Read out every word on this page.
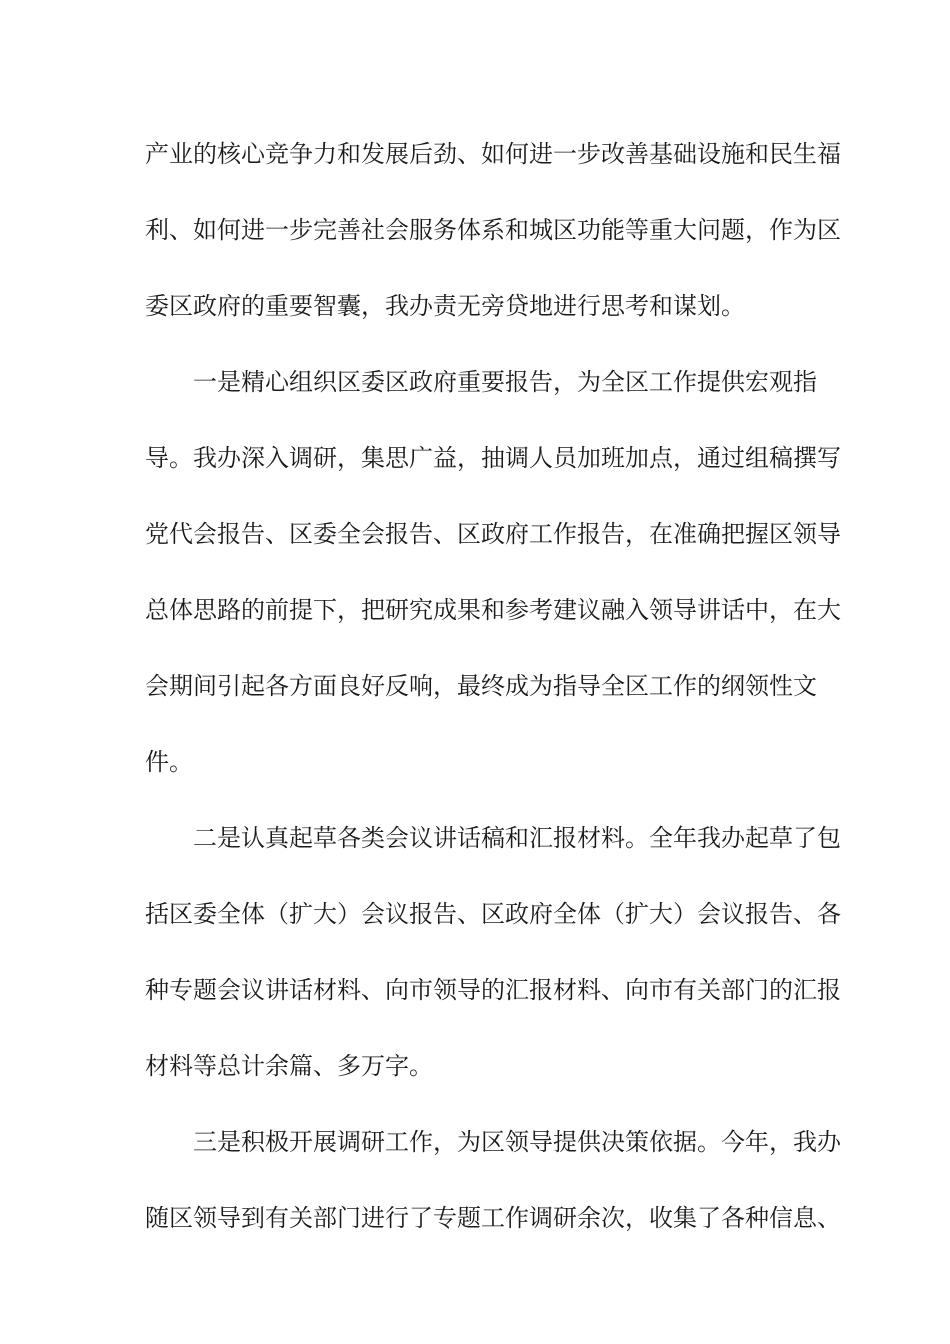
产业的核心竞争力和发展后劲、如何进一步改善基础设施和民生福
利、如何进一步完善社会服务体系和城区功能等重大问题，作为区
委区政府的重要智囊，我办责无旁贷地进行思考和谋划。
一是精心组织区委区政府重要报告，为全区工作提供宏观指
导。我办深入调研，集思广益，抽调人员加班加点，通过组稿撰写
党代会报告、区委全会报告、区政府工作报告，在准确把握区领导
总体思路的前提下，把研究成果和参考建议融入领导讲话中，在大
会期间引起各方面良好反响，最终成为指导全区工作的纲领性文
件。
二是认真起草各类会议讲话稿和汇报材料。全年我办起草了包
括区委全体（扩大）会议报告、区政府全体（扩大）会议报告、各
种专题会议讲话材料、向市领导的汇报材料、向市有关部门的汇报
材料等总计余篇、多万字。
三是积极开展调研工作，为区领导提供决策依据。今年，我办
随区领导到有关部门进行了专题工作调研余次，收集了各种信息、
